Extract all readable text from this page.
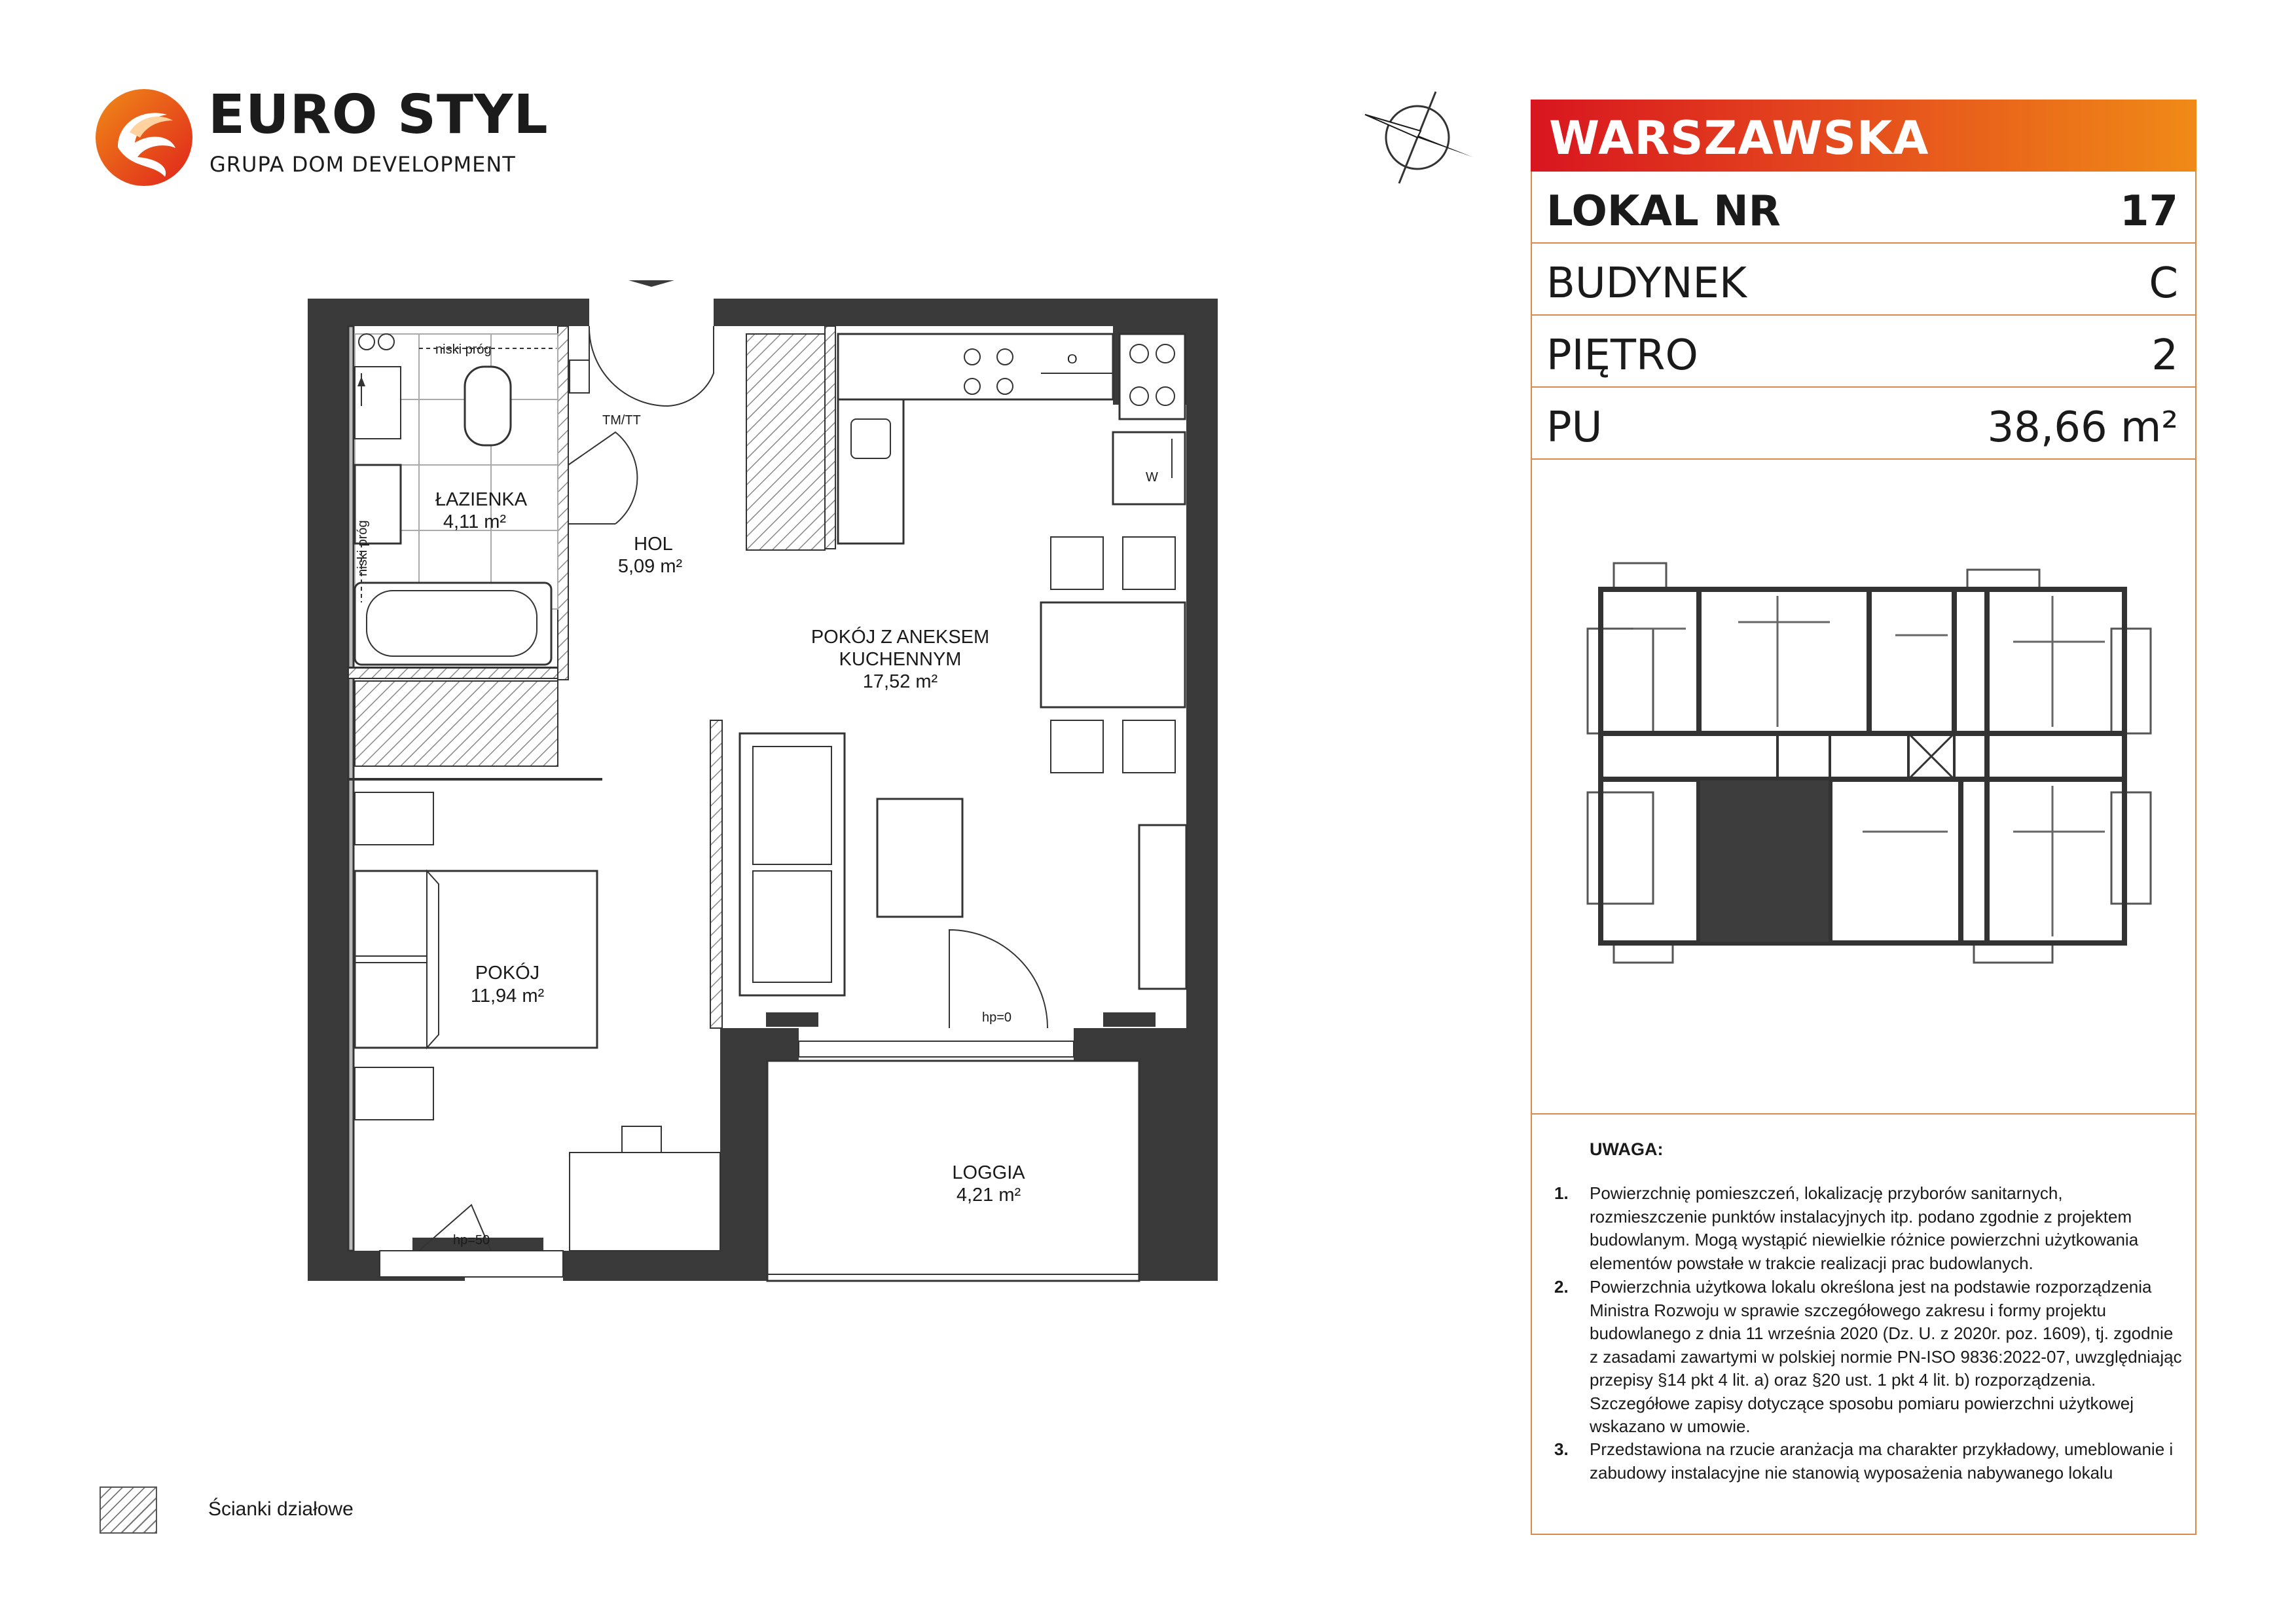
EURO STYL
GRUPA DOM DEVELOPMENT	WARSZAWSKA
LOKAL NR	17
BUDYNEK	C
PIĘTRO	2
PU	38,66 m²
UWAGA:
1. Powierzchnię pomieszczeń, lokalizację przyborów sanitarnych, rozmieszczenie punktów instalacyjnych itp. podano zgodnie z projektem budowlanym. Mogą wystąpić niewielkie różnice powierzchni użytkowania elementów powstałe w trakcie realizacji prac budowlanych.
2. Powierzchnia użytkowa lokalu określona jest na podstawie rozporządzenia Ministra Rozwoju w sprawie szczegółowego zakresu i formy projektu budowlanego z dnia 11 września 2020 (Dz. U. z 2020r. poz. 1609), tj. zgodnie z zasadami zawartymi w polskiej normie PN-ISO 9836:2022-07, uwzględniając przepisy §14 pkt 4 lit. a) oraz §20 ust. 1 pkt 4 lit. b) rozporządzenia. Szczegółowe zapisy dotyczące sposobu pomiaru powierzchni użytkowej wskazano w umowie.
3. Przedstawiona na rzucie aranżacja ma charakter przykładowy, umeblowanie i zabudowy instalacyjne nie stanowią wyposażenia nabywanego lokalu
Ścianki działowe
niski próg
niski próg
TM/TT
O
W
hp=0
hp=50
ŁAZIENKA
4,11 m²
HOL
5,09 m²
POKÓJ Z ANEKSEM
KUCHENNYM
17,52 m²
POKÓJ
11,94 m²
LOGGIA
4,21 m²
